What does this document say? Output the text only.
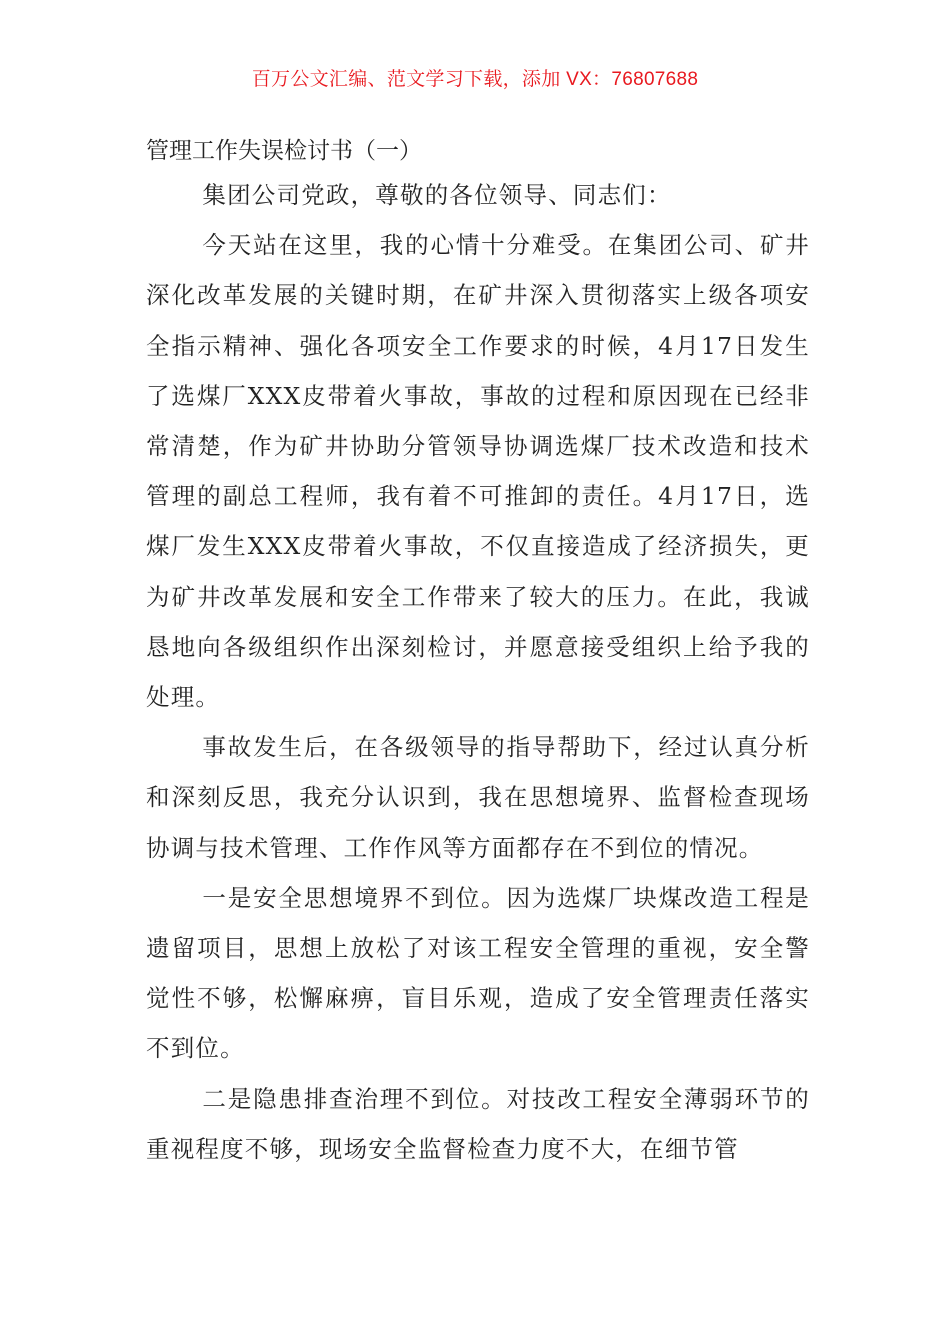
百万公文汇编、范文学习下载，添加 VX：76807688
管理工作失误检讨书（一）

集团公司党政，尊敬的各位领导、同志们：

今天站在这里，我的心情十分难受。在集团公司、矿井深化改革发展的关键时期，在矿井深入贯彻落实上级各项安全指示精神、强化各项安全工作要求的时候，4月17日发生了选煤厂XXX皮带着火事故，事故的过程和原因现在已经非常清楚，作为矿井协助分管领导协调选煤厂技术改造和技术管理的副总工程师，我有着不可推卸的责任。4月17日，选煤厂发生XXX皮带着火事故，不仅直接造成了经济损失，更为矿井改革发展和安全工作带来了较大的压力。在此，我诚恳地向各级组织作出深刻检讨，并愿意接受组织上给予我的处理。

事故发生后，在各级领导的指导帮助下，经过认真分析和深刻反思，我充分认识到，我在思想境界、监督检查现场协调与技术管理、工作作风等方面都存在不到位的情况。

一是安全思想境界不到位。因为选煤厂块煤改造工程是遗留项目，思想上放松了对该工程安全管理的重视，安全警觉性不够，松懈麻痹，盲目乐观，造成了安全管理责任落实不到位。

二是隐患排查治理不到位。对技改工程安全薄弱环节的重视程度不够，现场安全监督检查力度不大，在细节管
